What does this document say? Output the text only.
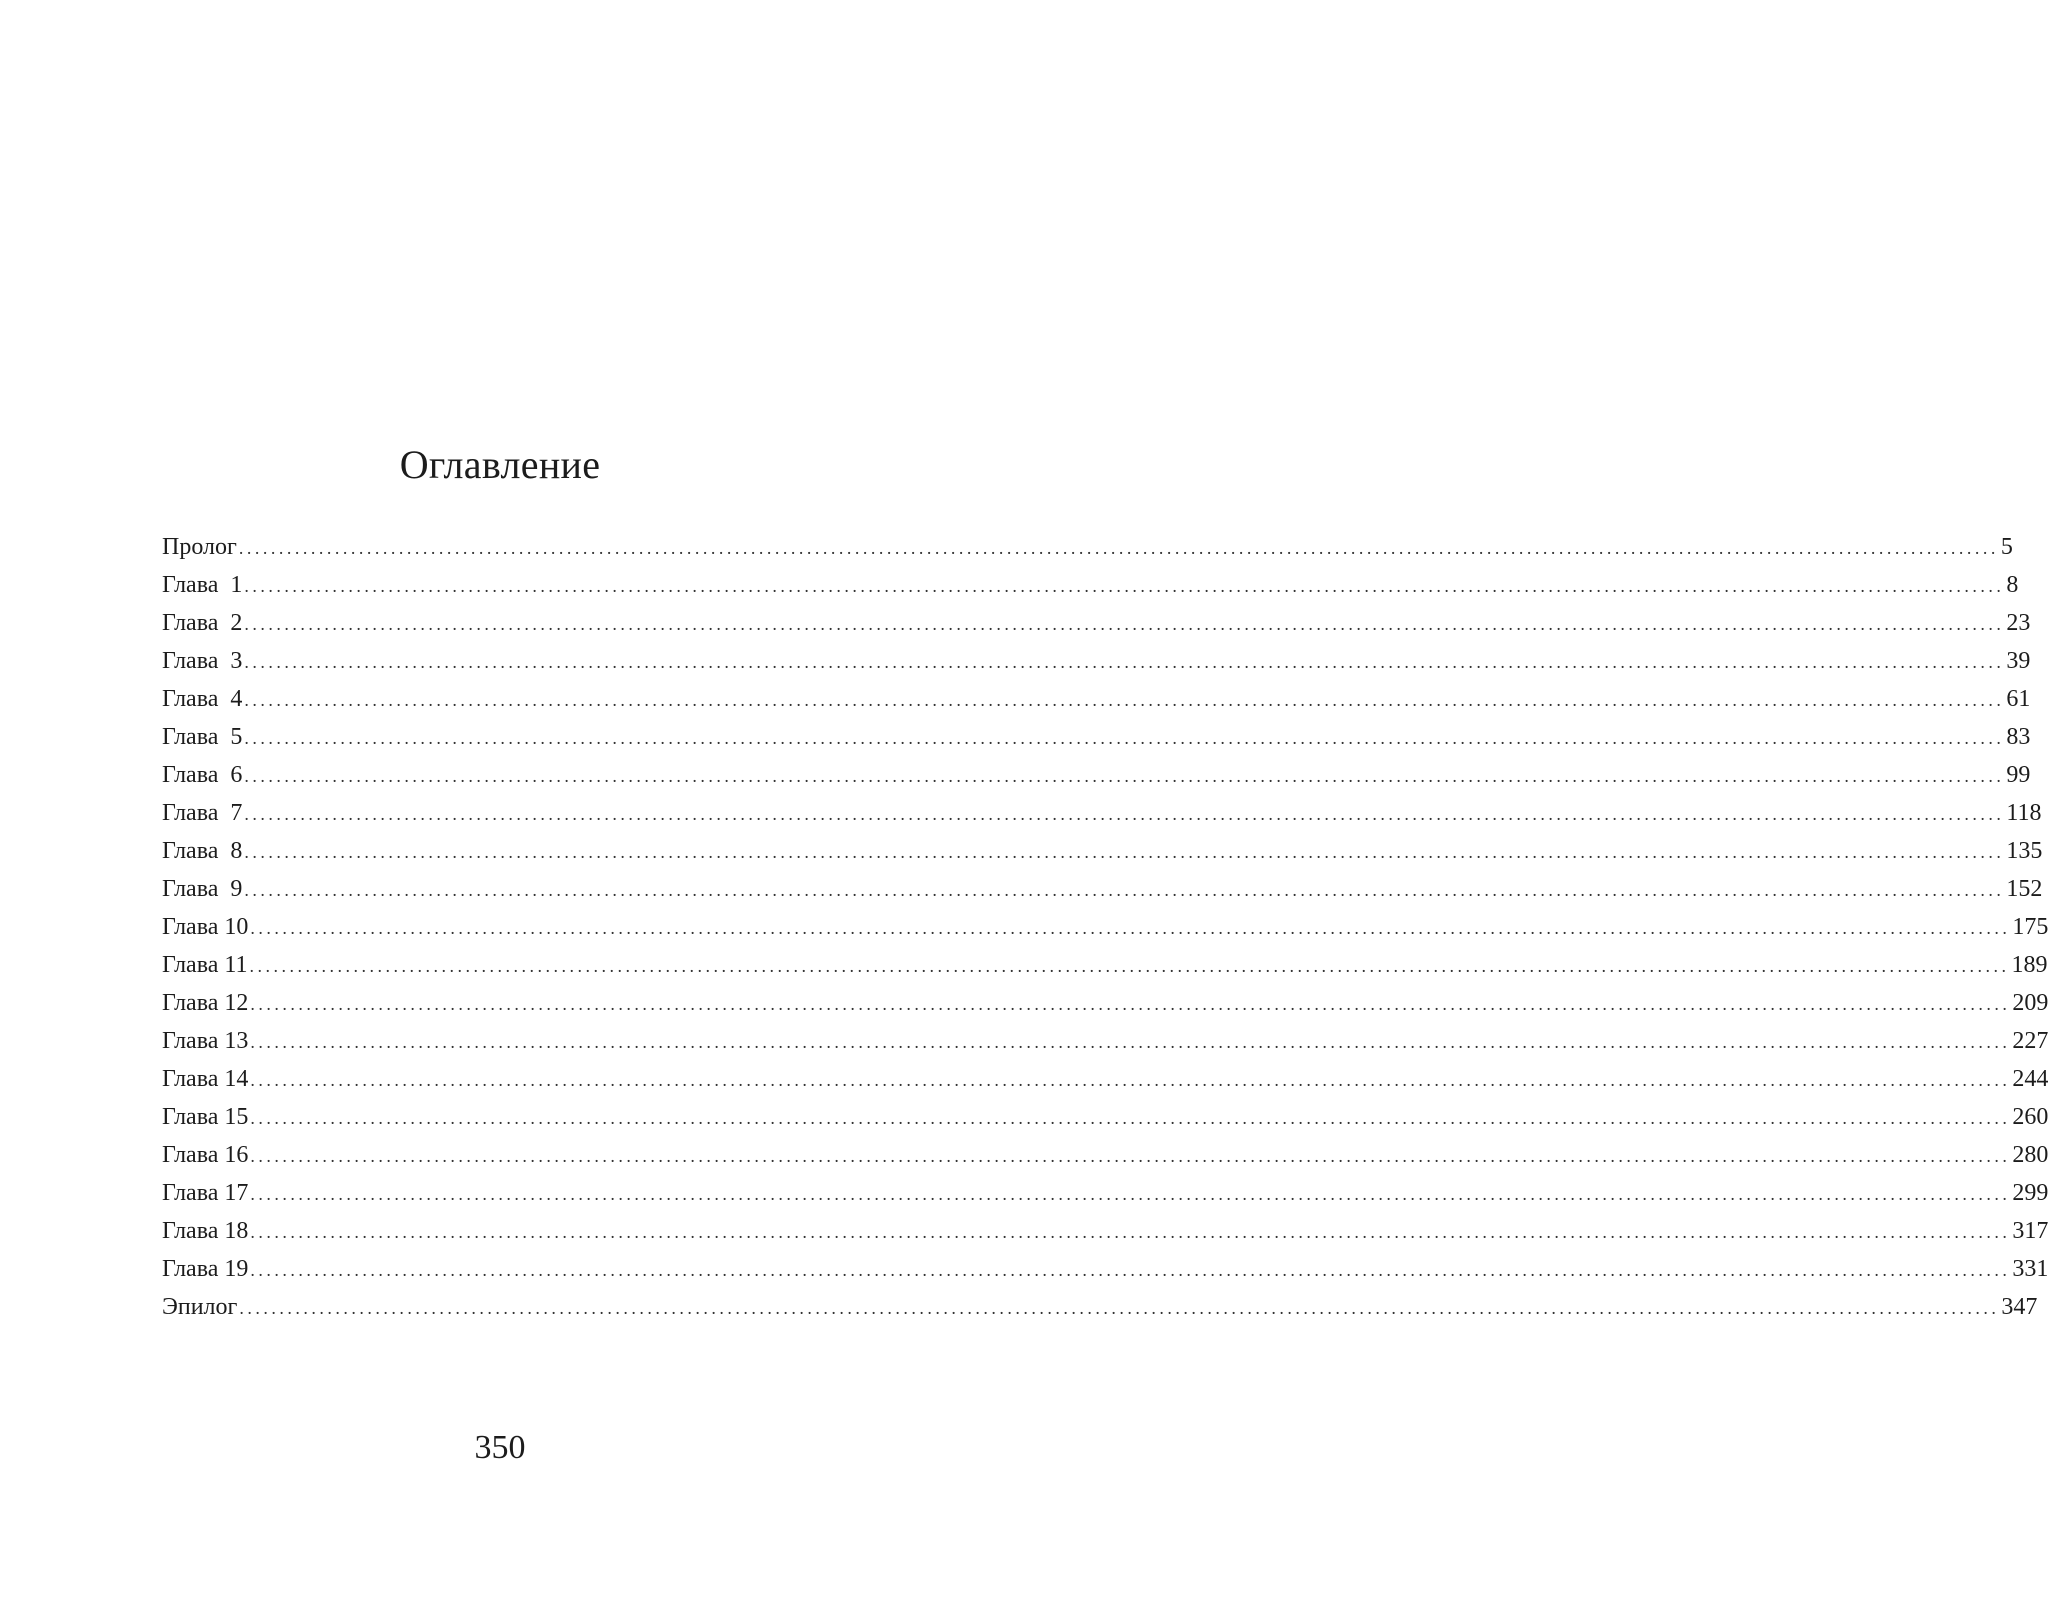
Оглавление
Пролог ............................................................................................................................................................................................................................ 5
Глава  1 ............................................................................................................................................................................................................................ 8
Глава  2 ............................................................................................................................................................................................................................ 23
Глава  3 ............................................................................................................................................................................................................................ 39
Глава  4 ............................................................................................................................................................................................................................ 61
Глава  5 ............................................................................................................................................................................................................................ 83
Глава  6 ............................................................................................................................................................................................................................ 99
Глава  7 ............................................................................................................................................................................................................................ 118
Глава  8 ............................................................................................................................................................................................................................ 135
Глава  9 ............................................................................................................................................................................................................................ 152
Глава 10 ............................................................................................................................................................................................................................ 175
Глава 11 ............................................................................................................................................................................................................................ 189
Глава 12 ............................................................................................................................................................................................................................ 209
Глава 13 ............................................................................................................................................................................................................................ 227
Глава 14 ............................................................................................................................................................................................................................ 244
Глава 15 ............................................................................................................................................................................................................................ 260
Глава 16 ............................................................................................................................................................................................................................ 280
Глава 17 ............................................................................................................................................................................................................................ 299
Глава 18 ............................................................................................................................................................................................................................ 317
Глава 19 ............................................................................................................................................................................................................................ 331
Эпилог ............................................................................................................................................................................................................................ 347
350
